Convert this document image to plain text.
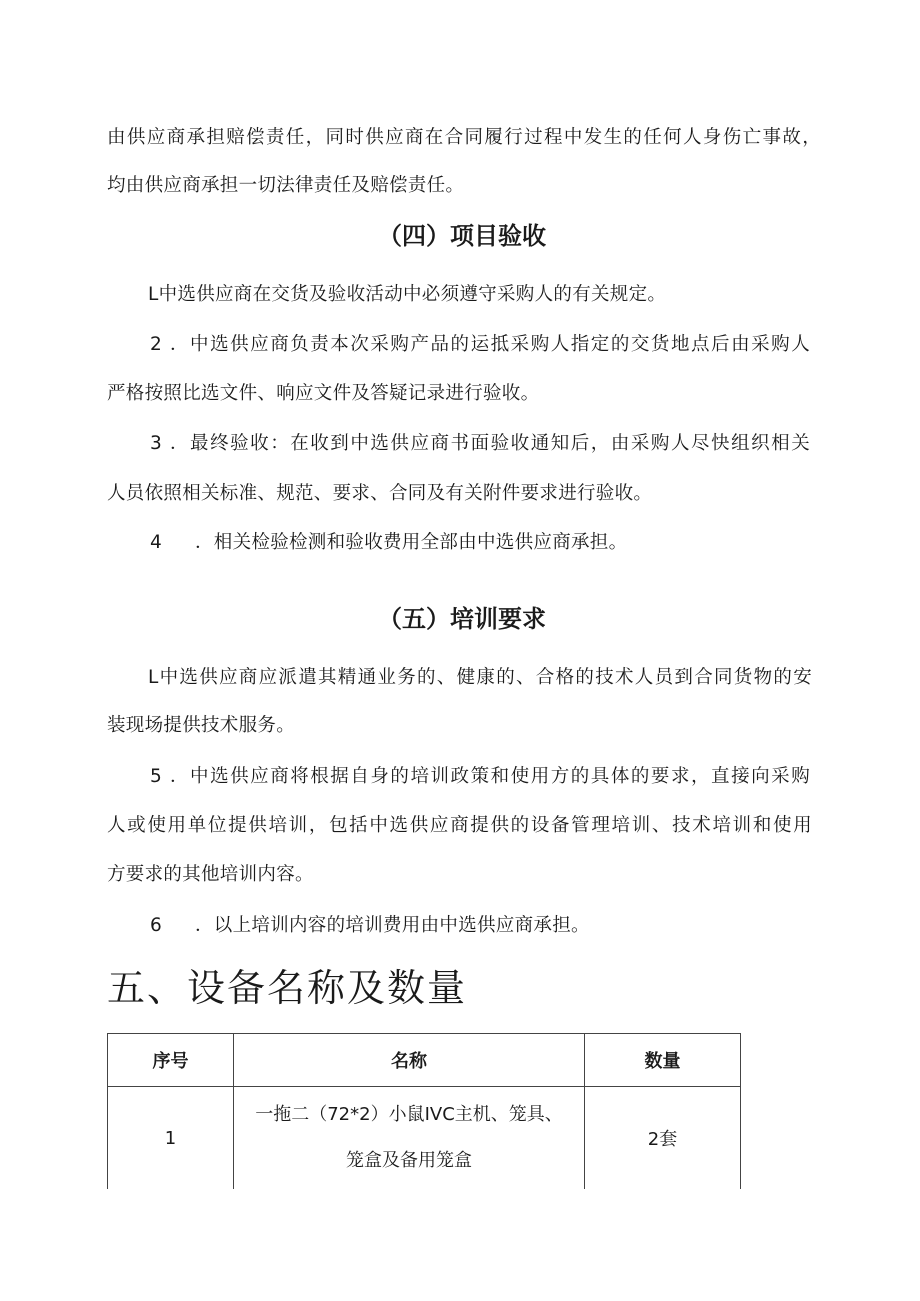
由供应商承担赔偿责任，同时供应商在合同履行过程中发生的任何人身伤亡事故，
均由供应商承担一切法律责任及赔偿责任。
（四）项目验收
L中选供应商在交货及验收活动中必须遵守采购人的有关规定。
2 ．中选供应商负责本次采购产品的运抵采购人指定的交货地点后由采购人
严格按照比选文件、响应文件及答疑记录进行验收。
3 ．最终验收：在收到中选供应商书面验收通知后，由采购人尽快组织相关
人员依照相关标准、规范、要求、合同及有关附件要求进行验收。
4 ．相关检验检测和验收费用全部由中选供应商承担。
（五）培训要求
L中选供应商应派遣其精通业务的、健康的、合格的技术人员到合同货物的安
装现场提供技术服务。
5 ．中选供应商将根据自身的培训政策和使用方的具体的要求，直接向采购
人或使用单位提供培训，包括中选供应商提供的设备管理培训、技术培训和使用
方要求的其他培训内容。
6 ．以上培训内容的培训费用由中选供应商承担。
五、设备名称及数量
序号	名称	数量
1	一拖二（72*2）小鼠IVC主机、笼具、
笼盒及备用笼盒	2套
